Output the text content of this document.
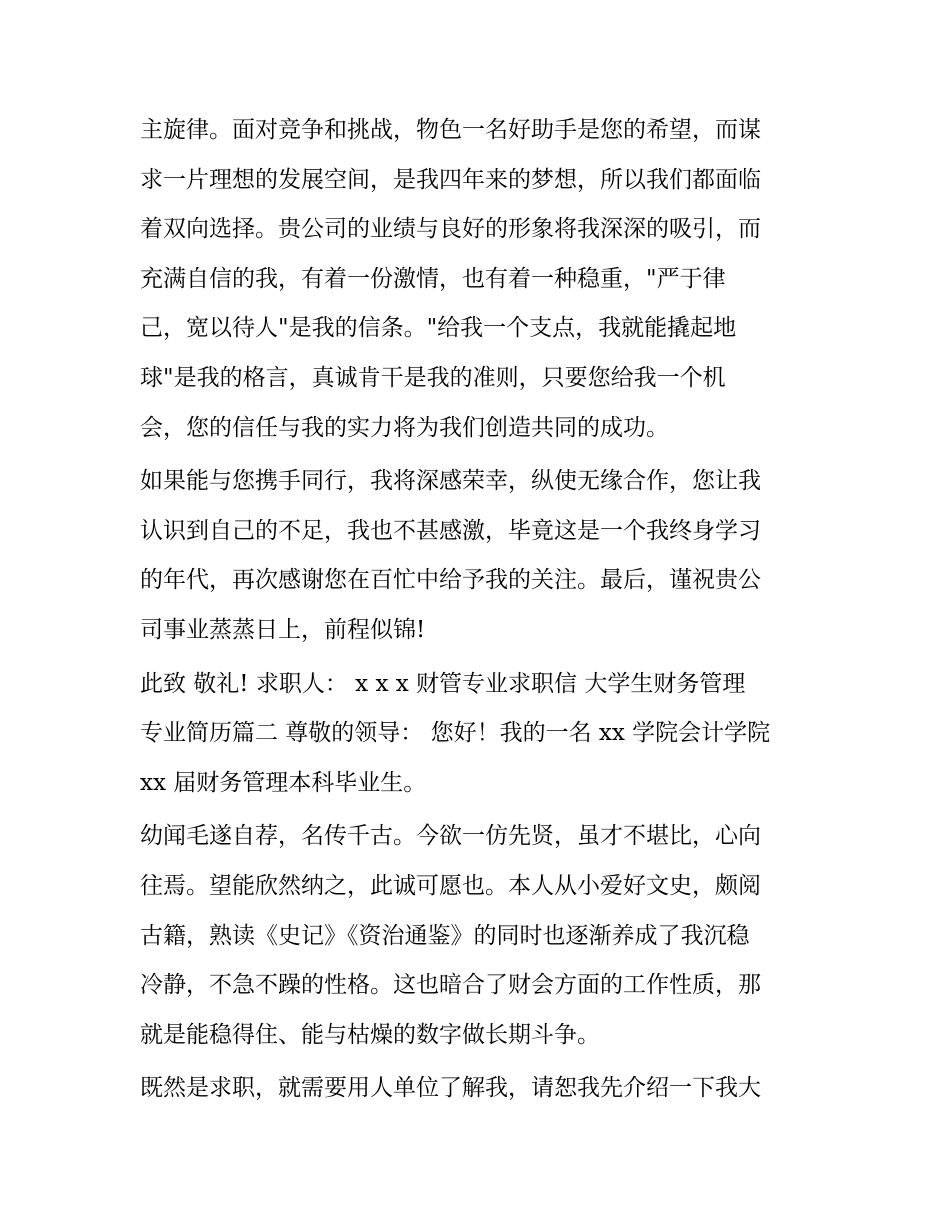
主旋律。面对竞争和挑战，物色一名好助手是您的希望，而谋
求一片理想的发展空间，是我四年来的梦想，所以我们都面临
着双向选择。贵公司的业绩与良好的形象将我深深的吸引，而
充满自信的我，有着一份激情，也有着一种稳重，"严于律
己，宽以待人"是我的信条。"给我一个支点，我就能撬起地
球"是我的格言，真诚肯干是我的准则，只要您给我一个机
会，您的信任与我的实力将为我们创造共同的成功。

如果能与您携手同行，我将深感荣幸，纵使无缘合作，您让我
认识到自己的不足，我也不甚感激，毕竟这是一个我终身学习
的年代，再次感谢您在百忙中给予我的关注。最后，谨祝贵公
司事业蒸蒸日上，前程似锦!

此致 敬礼! 求职人： x x x 财管专业求职信 大学生财务管理
专业简历篇二 尊敬的领导： 您好！我的一名 xx 学院会计学院
xx 届财务管理本科毕业生。

幼闻毛遂自荐，名传千古。今欲一仿先贤，虽才不堪比，心向
往焉。望能欣然纳之，此诚可愿也。本人从小爱好文史，颇阅
古籍，熟读《史记》《资治通鉴》的同时也逐渐养成了我沉稳
冷静，不急不躁的性格。这也暗合了财会方面的工作性质，那
就是能稳得住、能与枯燥的数字做长期斗争。

既然是求职，就需要用人单位了解我，请恕我先介绍一下我大
